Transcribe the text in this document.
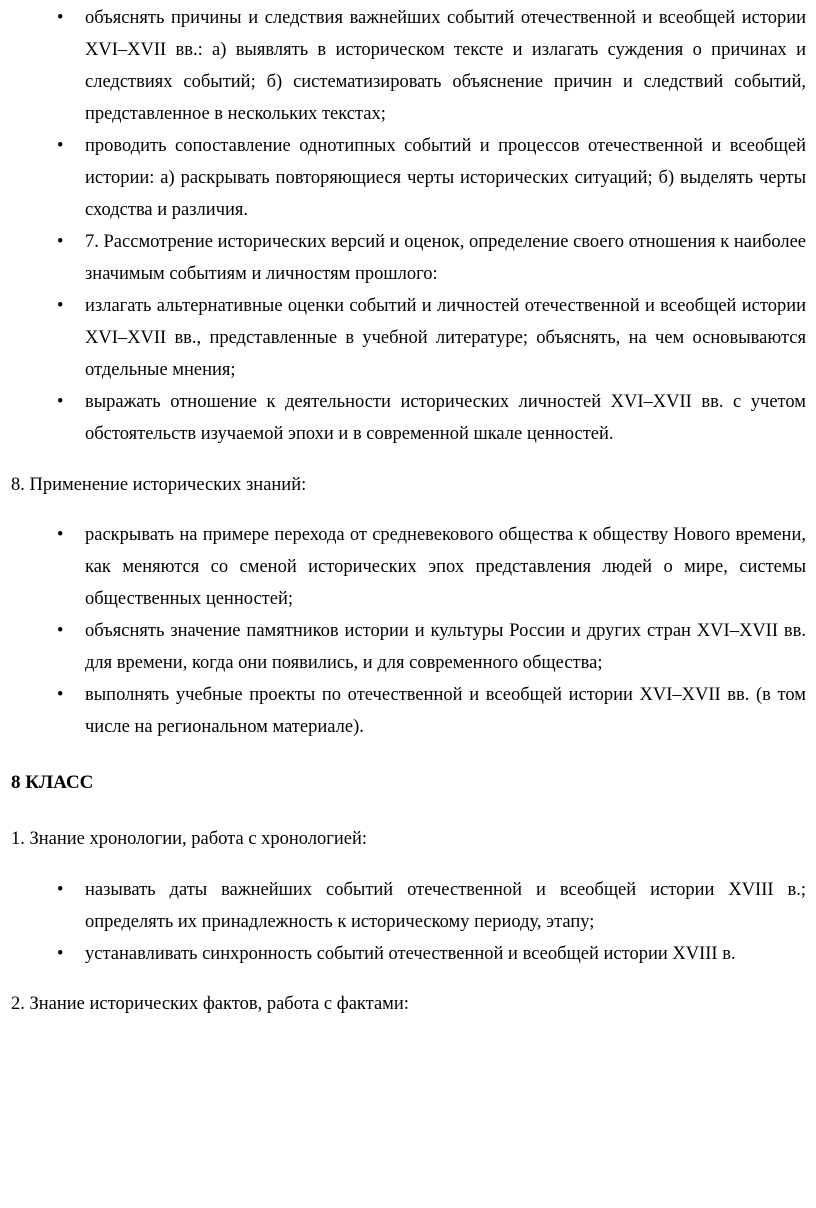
• объяснять причины и следствия важнейших событий отечественной и всеобщей истории XVI–XVII вв.: а) выявлять в историческом тексте и излагать суждения о причинах и следствиях событий; б) систематизировать объяснение причин и следствий событий, представленное в нескольких текстах;
• проводить сопоставление однотипных событий и процессов отечественной и всеобщей истории: а) раскрывать повторяющиеся черты исторических ситуаций; б) выделять черты сходства и различия.
• 7. Рассмотрение исторических версий и оценок, определение своего отношения к наиболее значимым событиям и личностям прошлого:
• излагать альтернативные оценки событий и личностей отечественной и всеобщей истории XVI–XVII вв., представленные в учебной литературе; объяснять, на чем основываются отдельные мнения;
• выражать отношение к деятельности исторических личностей XVI–XVII вв. с учетом обстоятельств изучаемой эпохи и в современной шкале ценностей.

8. Применение исторических знаний:

• раскрывать на примере перехода от средневекового общества к обществу Нового времени, как меняются со сменой исторических эпох представления людей о мире, системы общественных ценностей;
• объяснять значение памятников истории и культуры России и других стран XVI–XVII вв. для времени, когда они появились, и для современного общества;
• выполнять учебные проекты по отечественной и всеобщей истории XVI–XVII вв. (в том числе на региональном материале).
8 КЛАСС

1. Знание хронологии, работа с хронологией:

• называть даты важнейших событий отечественной и всеобщей истории XVIII в.; определять их принадлежность к историческому периоду, этапу;
• устанавливать синхронность событий отечественной и всеобщей истории XVIII в.

2. Знание исторических фактов, работа с фактами:
